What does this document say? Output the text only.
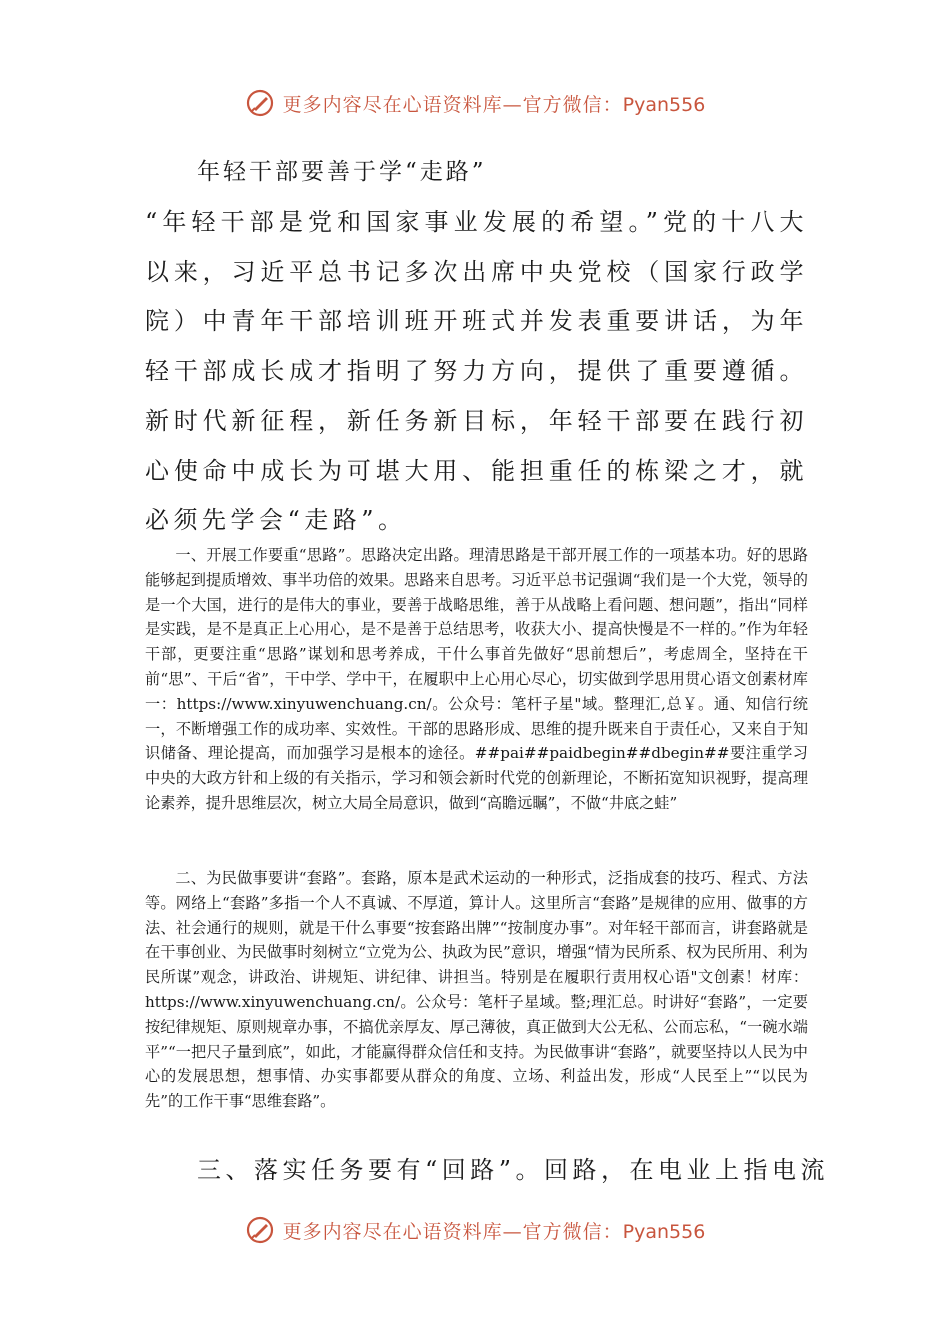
更多内容尽在心语资料库—官方微信：Pyan556
年轻干部要善于学“走路”

“年轻干部是党和国家事业发展的希望。”党的十八大以来，习近平总书记多次出席中央党校（国家行政学院）中青年干部培训班开班式并发表重要讲话，为年轻干部成长成才指明了努力方向，提供了重要遵循。新时代新征程，新任务新目标，年轻干部要在践行初心使命中成长为可堪大用、能担重任的栋梁之才，就必须先学会“走路”。

一、开展工作要重“思路”。思路决定出路。理清思路是干部开展工作的一项基本功。好的思路能够起到提质增效、事半功倍的效果。思路来自思考。习近平总书记强调“我们是一个大党，领导的是一个大国，进行的是伟大的事业，要善于战略思维，善于从战略上看问题、想问题”，指出“同样是实践，是不是真正上心用心，是不是善于总结思考，收获大小、提高快慢是不一样的。”作为年轻干部，更要注重“思路”谋划和思考养成，干什么事首先做好“思前想后”，考虑周全，坚持在干前“思”、干后“省”，干中学、学中干，在履职中上心用心尽心，切实做到学思用贯心语文创素材库一：https://www.xinyuwenchuang.cn/。公众号：笔杆子星"域。整理汇,总￥。通、知信行统一，不断增强工作的成功率、实效性。干部的思路形成、思维的提升既来自于责任心，又来自于知识储备、理论提高，而加强学习是根本的途径。##pai##paidbegin##dbegin##要注重学习中央的大政方针和上级的有关指示，学习和领会新时代党的创新理论，不断拓宽知识视野，提高理论素养，提升思维层次，树立大局全局意识，做到“高瞻远瞩”，不做“井底之蛙”

二、为民做事要讲“套路”。套路，原本是武术运动的一种形式，泛指成套的技巧、程式、方法等。网络上“套路”多指一个人不真诚、不厚道，算计人。这里所言“套路”是规律的应用、做事的方法、社会通行的规则，就是干什么事要“按套路出牌”“按制度办事”。对年轻干部而言，讲套路就是在干事创业、为民做事时刻树立“立党为公、执政为民”意识，增强“情为民所系、权为民所用、利为民所谋”观念，讲政治、讲规矩、讲纪律、讲担当。特别是在履职行责用权心语"文创素！材库：https://www.xinyuwenchuang.cn/。公众号：笔杆子星域。整;理汇总。时讲好“套路”，一定要按纪律规矩、原则规章办事，不搞优亲厚友、厚己薄彼，真正做到大公无私、公而忘私，“一碗水端平”“一把尺子量到底”，如此，才能赢得群众信任和支持。为民做事讲“套路”，就要坚持以人民为中心的发展思想，想事情、办实事都要从群众的角度、立场、利益出发，形成“人民至上”“以民为先”的工作干事“思维套路”。

三、落实任务要有“回路”。回路，在电业上指电流

更多内容尽在心语资料库—官方微信：Pyan556
